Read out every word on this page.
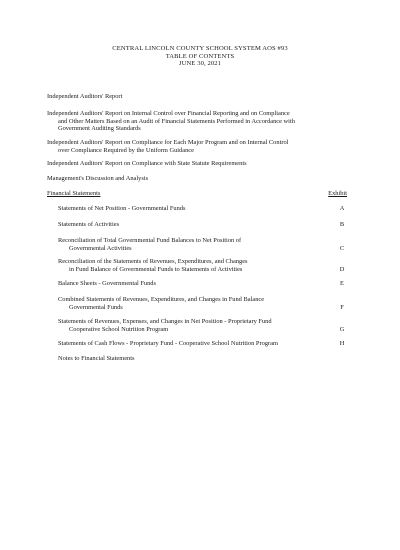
CENTRAL LINCOLN COUNTY SCHOOL SYSTEM AOS #93
TABLE OF CONTENTS
JUNE 30, 2021
Independent Auditors' Report
Independent Auditors' Report on Internal Control over Financial Reporting and on Compliance
and Other Matters Based on an Audit of Financial Statements Performed in Accordance with
Government Auditing Standards
Independent Auditors' Report on Compliance for Each Major Program and on Internal Control
over Compliance Required by the Uniform Guidance
Independent Auditors' Report on Compliance with State Statute Requirements
Management's Discussion and Analysis
Financial Statements	Exhibit
Statements of Net Position - Governmental Funds	A
Statements of Activities	B
Reconciliation of Total Governmental Fund Balances to Net Position of
Governmental Activities	C
Reconciliation of the Statements of Revenues, Expenditures, and Changes
in Fund Balance of Governmental Funds to Statements of Activities	D
Balance Sheets - Governmental Funds	E
Combined Statements of Revenues, Expenditures, and Changes in Fund Balance
Governmental Funds	F
Statements of Revenues, Expenses, and Changes in Net Position - Proprietary Fund
Cooperative School Nutrition Program	G
Statements of Cash Flows - Proprietary Fund - Cooperative School Nutrition Program	H
Notes to Financial Statements
